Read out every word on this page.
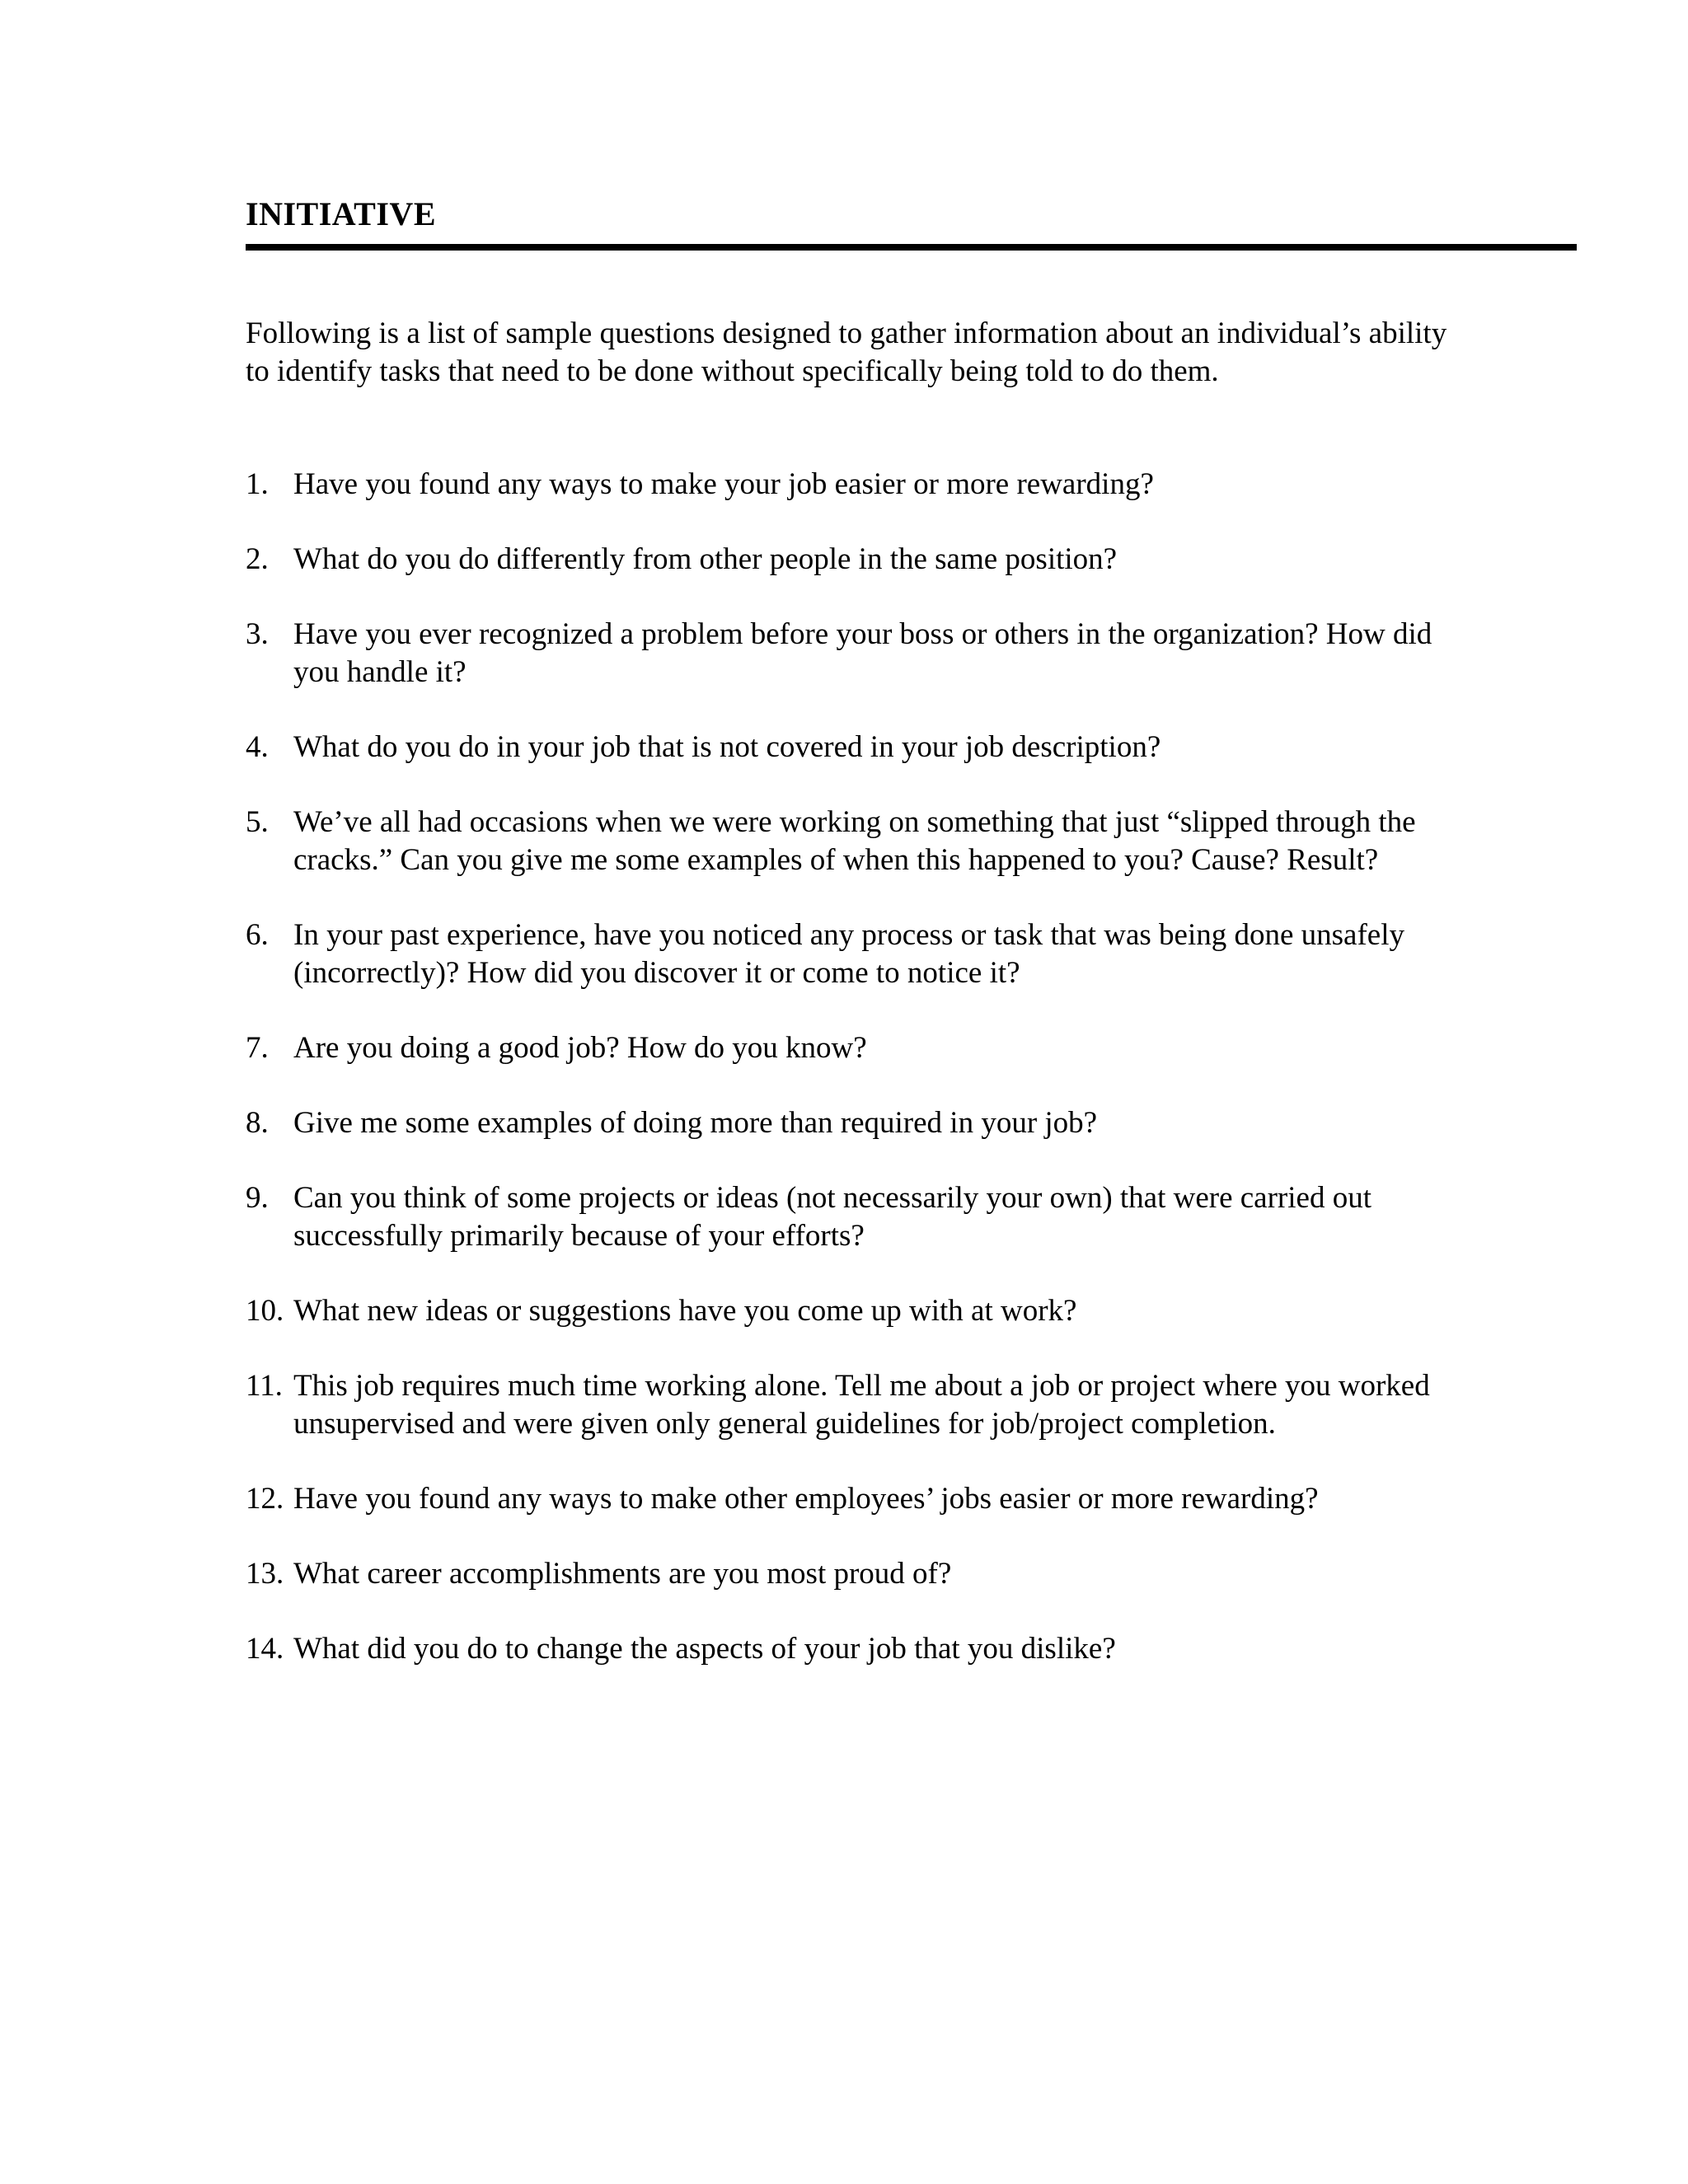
INITIATIVE

Following is a list of sample questions designed to gather information about an individual’s ability to identify tasks that need to be done without specifically being told to do them.

1. Have you found any ways to make your job easier or more rewarding?
2. What do you do differently from other people in the same position?
3. Have you ever recognized a problem before your boss or others in the organization? How did you handle it?
4. What do you do in your job that is not covered in your job description?
5. We’ve all had occasions when we were working on something that just “slipped through the cracks.” Can you give me some examples of when this happened to you? Cause? Result?
6. In your past experience, have you noticed any process or task that was being done unsafely (incorrectly)? How did you discover it or come to notice it?
7. Are you doing a good job? How do you know?
8. Give me some examples of doing more than required in your job?
9. Can you think of some projects or ideas (not necessarily your own) that were carried out successfully primarily because of your efforts?
10. What new ideas or suggestions have you come up with at work?
11. This job requires much time working alone. Tell me about a job or project where you worked unsupervised and were given only general guidelines for job/project completion.
12. Have you found any ways to make other employees’ jobs easier or more rewarding?
13. What career accomplishments are you most proud of?
14. What did you do to change the aspects of your job that you dislike?
